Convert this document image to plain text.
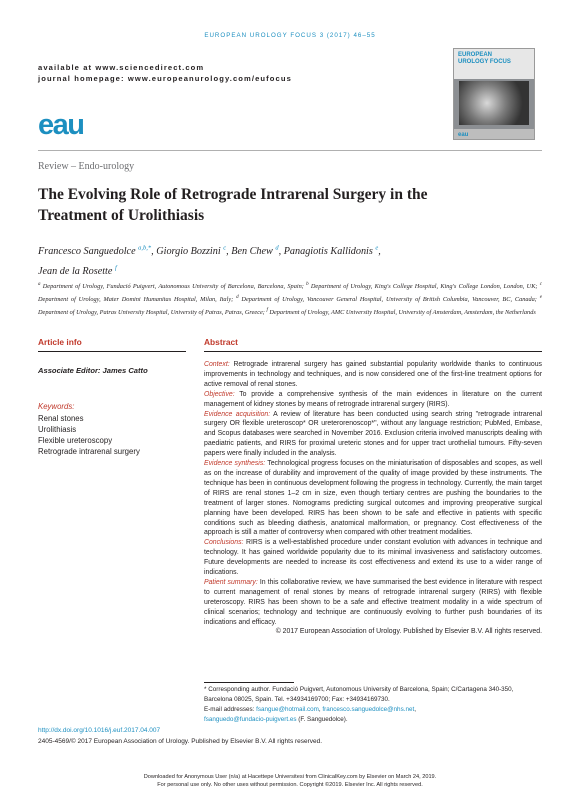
EUROPEAN UROLOGY FOCUS 3 (2017) 46–55
available at www.sciencedirect.com
journal homepage: www.europeanurology.com/eufocus
eau
EUROPEAN
UROLOGY FOCUS
eau
Review – Endo-urology
The Evolving Role of Retrograde Intrarenal Surgery in the
Treatment of Urolithiasis
Francesco Sanguedolce $^{a,b,*}$, Giorgio Bozzini $^c$, Ben Chew $^d$, Panagiotis Kallidonis $^e$,
Jean de la Rosette $^f$
$^a$ Department of Urology, Fundació Puigvert, Autonomous University of Barcelona, Barcelona, Spain; $^b$ Department of Urology, King's College Hospital, King's College London, London, UK; $^c$ Department of Urology, Mater Domini Humanitas Hospital, Milan, Italy; $^d$ Department of Urology, Vancouver General Hospital, University of British Columbia, Vancouver, BC, Canada; $^e$ Department of Urology, Patras University Hospital, University of Patras, Patras, Greece; $^f$ Department of Urology, AMC University Hospital, University of Amsterdam, Amsterdam, the Netherlands
Article info	Abstract
Associate Editor: James Catto
Keywords:
Renal stones
Urolithiasis
Flexible ureteroscopy
Retrograde intrarenal surgery
Context: Retrograde intrarenal surgery has gained substantial popularity worldwide thanks to continuous improvements in technology and techniques, and is now considered one of the first-line treatment options for active removal of renal stones.
Objective: To provide a comprehensive synthesis of the main evidences in literature on the current management of kidney stones by means of retrograde intrarenal surgery (RIRS).
Evidence acquisition: A review of literature has been conducted using search string "retrograde intrarenal surgery OR flexible ureteroscop* OR ureterorenoscop*", without any language restriction; PubMed, Embase, and Scopus databases were searched in November 2016. Exclusion criteria involved manuscripts dealing with paediatric patients, and RIRS for proximal ureteric stones and for upper tract urothelial tumours. Fifty-seven papers were finally included in the analysis.
Evidence synthesis: Technological progress focuses on the miniaturisation of disposables and scopes, as well as on the increase of durability and improvement of the quality of image provided by these instruments. The technique has been in continuous development following the progress in technology. Currently, the main target of RIRS are renal stones 1–2 cm in size, even though tertiary centres are pushing the boundaries to the treatment of larger stones. Nomograms predicting surgical outcomes and improving preoperative surgical planning have been developed. RIRS has been shown to be safe and effective in patients with specific conditions such as bleeding diathesis, anatomical malformation, or pregnancy. Cost effectiveness of the approach is still a matter of controversy when compared with other treatment modalities.
Conclusions: RIRS is a well-established procedure under constant evolution with advances in technique and technology. It has gained worldwide popularity due to its minimal invasiveness and satisfactory outcomes. Future developments are needed to increase its cost effectiveness and extend its use to a wider range of indications.
Patient summary: In this collaborative review, we have summarised the best evidence in literature with respect to current management of renal stones by means of retrograde intrarenal surgery (RIRS) with flexible ureteroscopy. RIRS has been shown to be a safe and effective treatment modality in a wide spectrum of clinical scenarios; technology and technique are continuously evolving to further push boundaries of its indications and efficacy.
© 2017 European Association of Urology. Published by Elsevier B.V. All rights reserved.
* Corresponding author. Fundació Puigvert, Autonomous University of Barcelona, Spain; C/Cartagena 340-350, Barcelona 08025, Spain. Tel. +34934169700; Fax: +34934169730.
E-mail addresses: fsangue@hotmail.com, francesco.sanguedolce@nhs.net,
fsanguedo@fundacio-puigvert.es (F. Sanguedolce).
http://dx.doi.org/10.1016/j.euf.2017.04.007
2405-4569/© 2017 European Association of Urology. Published by Elsevier B.V. All rights reserved.
Downloaded for Anonymous User (n/a) at Hacettepe Universitesi from ClinicalKey.com by Elsevier on March 24, 2019.
For personal use only. No other uses without permission. Copyright ©2019. Elsevier Inc. All rights reserved.
